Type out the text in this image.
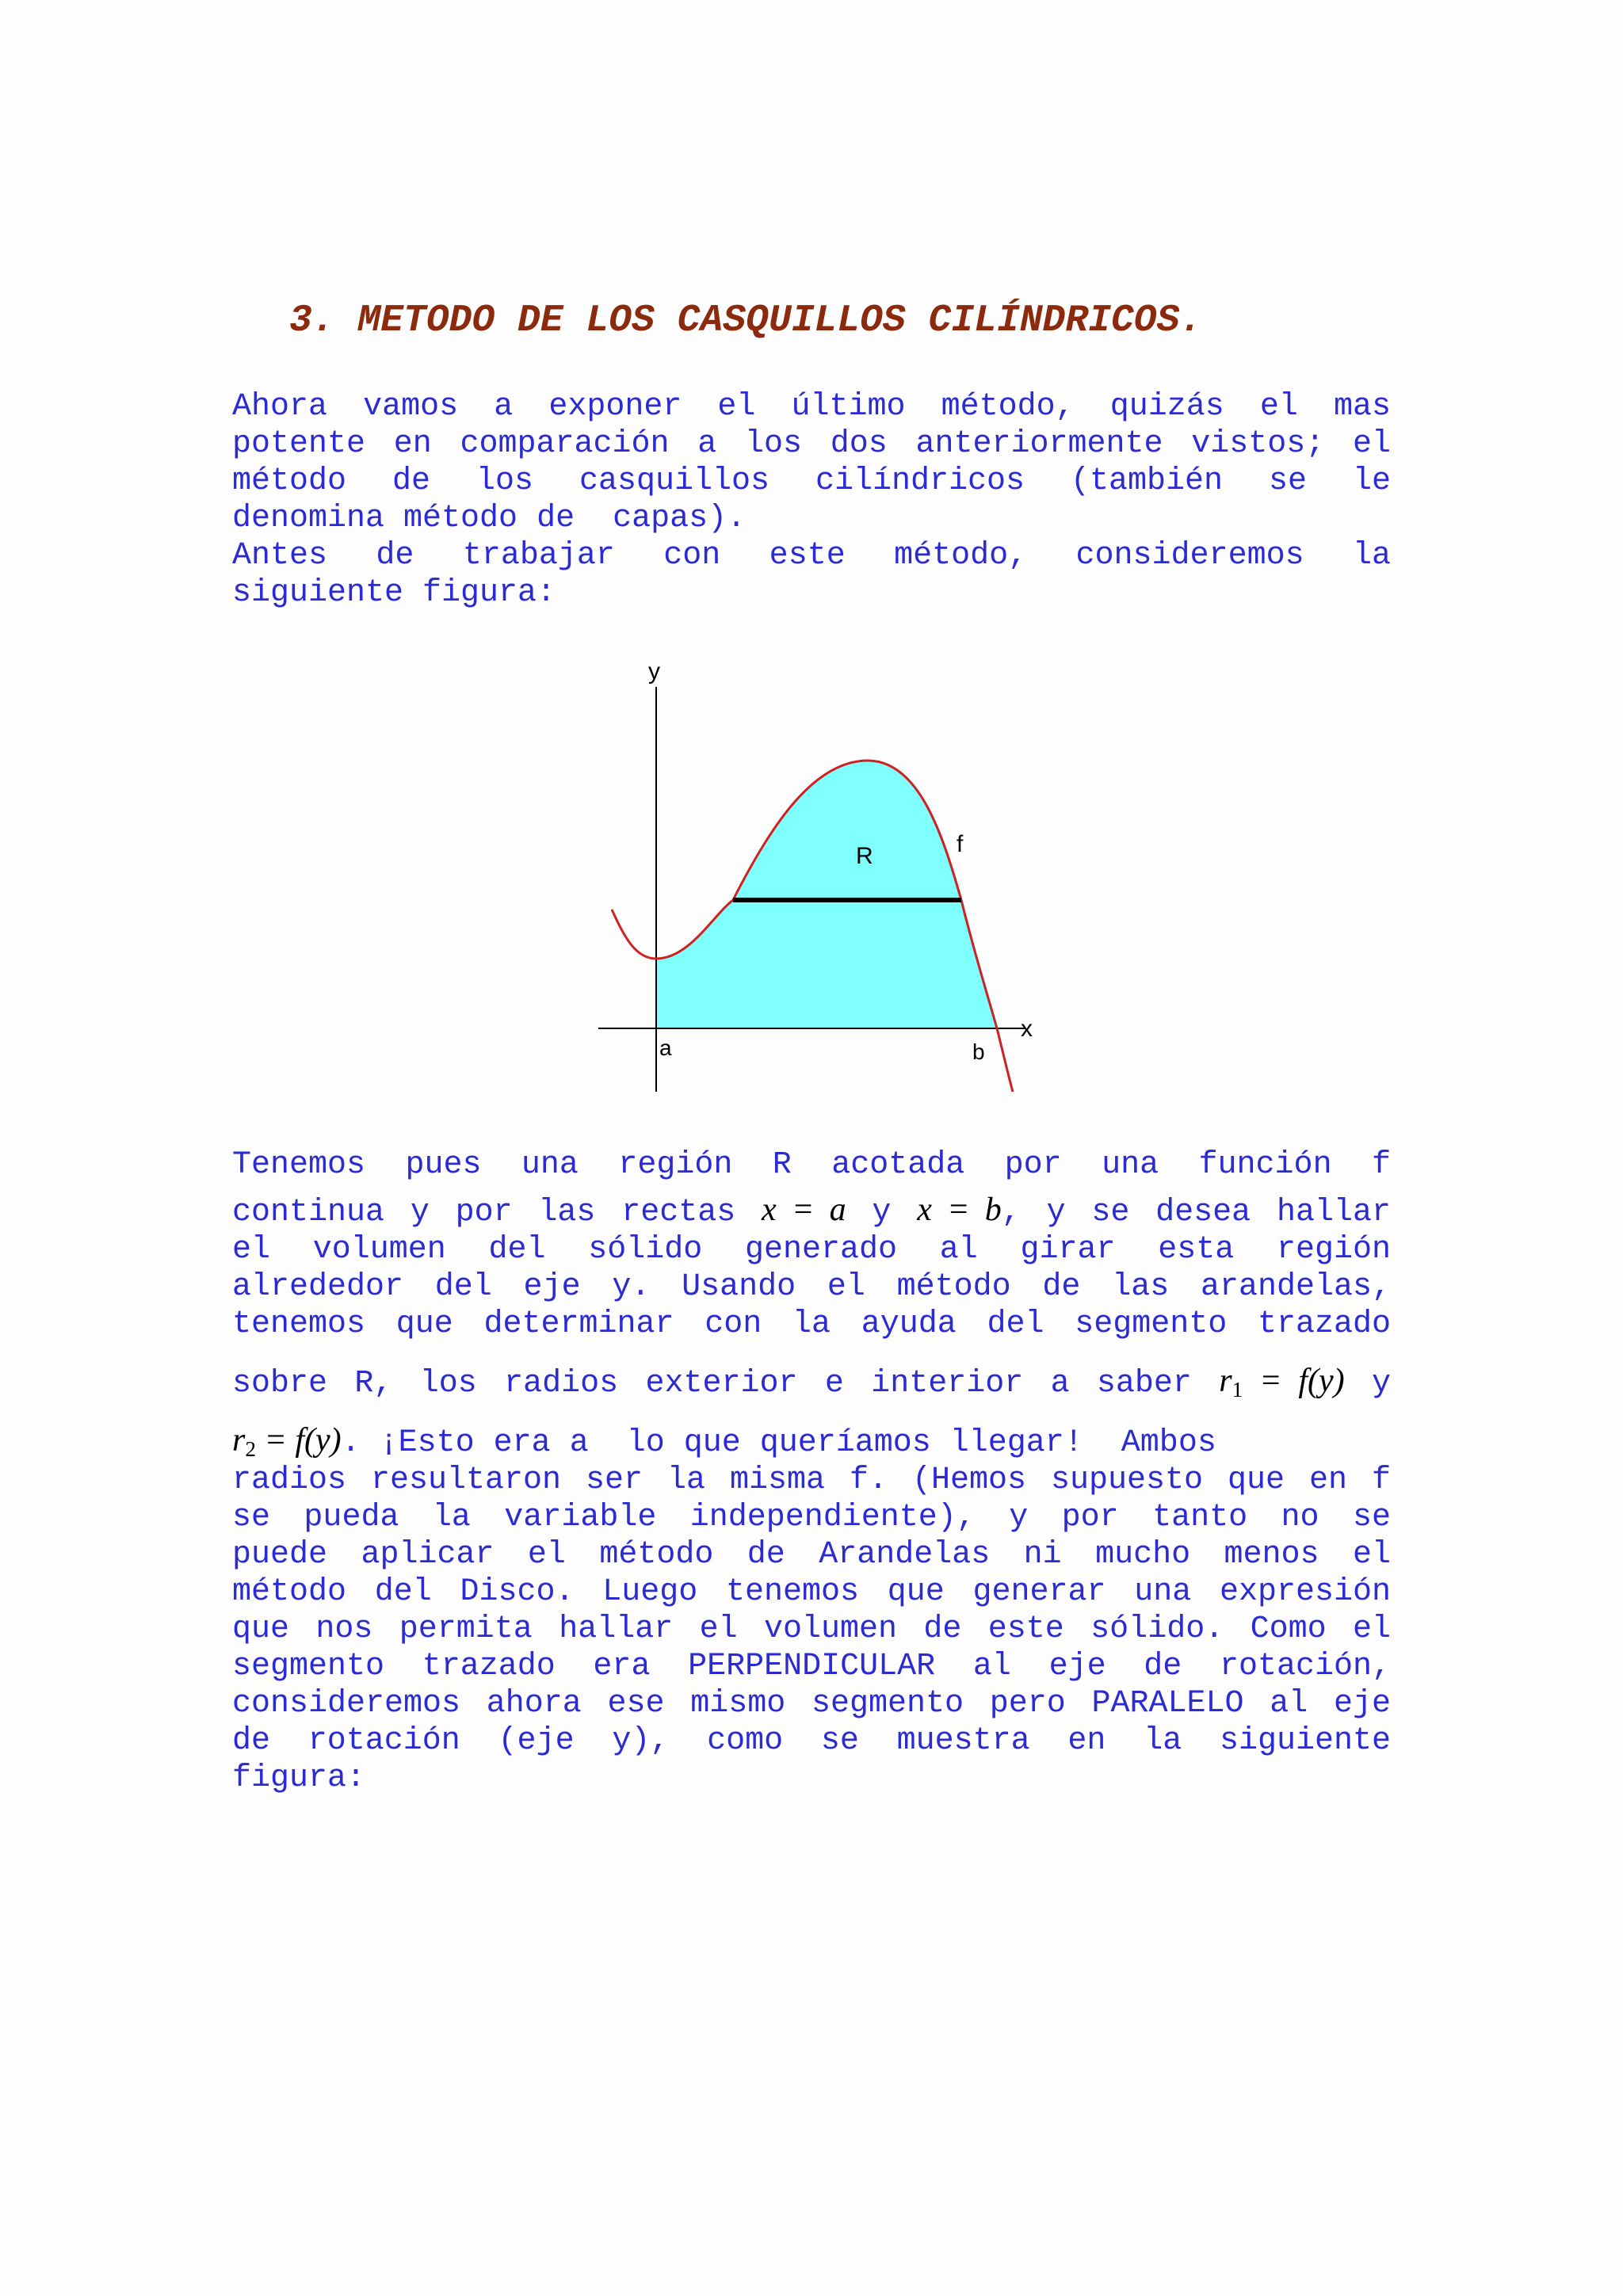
3. METODO DE LOS CASQUILLOS CILÍNDRICOS.
Ahora vamos a exponer el último método, quizás el mas
potente en comparación a los dos anteriormente vistos; el
método de los casquillos cilíndricos (también se le
denomina método de  capas).
Antes de trabajar con este método, consideremos la
siguiente figura:
y
x
R	f
a	b
Tenemos pues una región R acotada por una función f
continua y por las rectas x = a y x = b, y se desea hallar
el volumen del sólido generado al girar esta región
alrededor del eje y. Usando el método de las arandelas,
tenemos que determinar con la ayuda del segmento trazado
sobre R, los radios exterior e interior a saber $r_1 = f(y)$ y
$r_2 = f(y)$. ¡Esto era a  lo que queríamos llegar!  Ambos
radios resultaron ser la misma f. (Hemos supuesto que en f
se pueda la variable independiente), y por tanto no se
puede aplicar el método de Arandelas ni mucho menos el
método del Disco. Luego tenemos que generar una expresión
que nos permita hallar el volumen de este sólido. Como el
segmento trazado era PERPENDICULAR al eje de rotación,
consideremos ahora ese mismo segmento pero PARALELO al eje
de rotación (eje y), como se muestra en la siguiente
figura:
